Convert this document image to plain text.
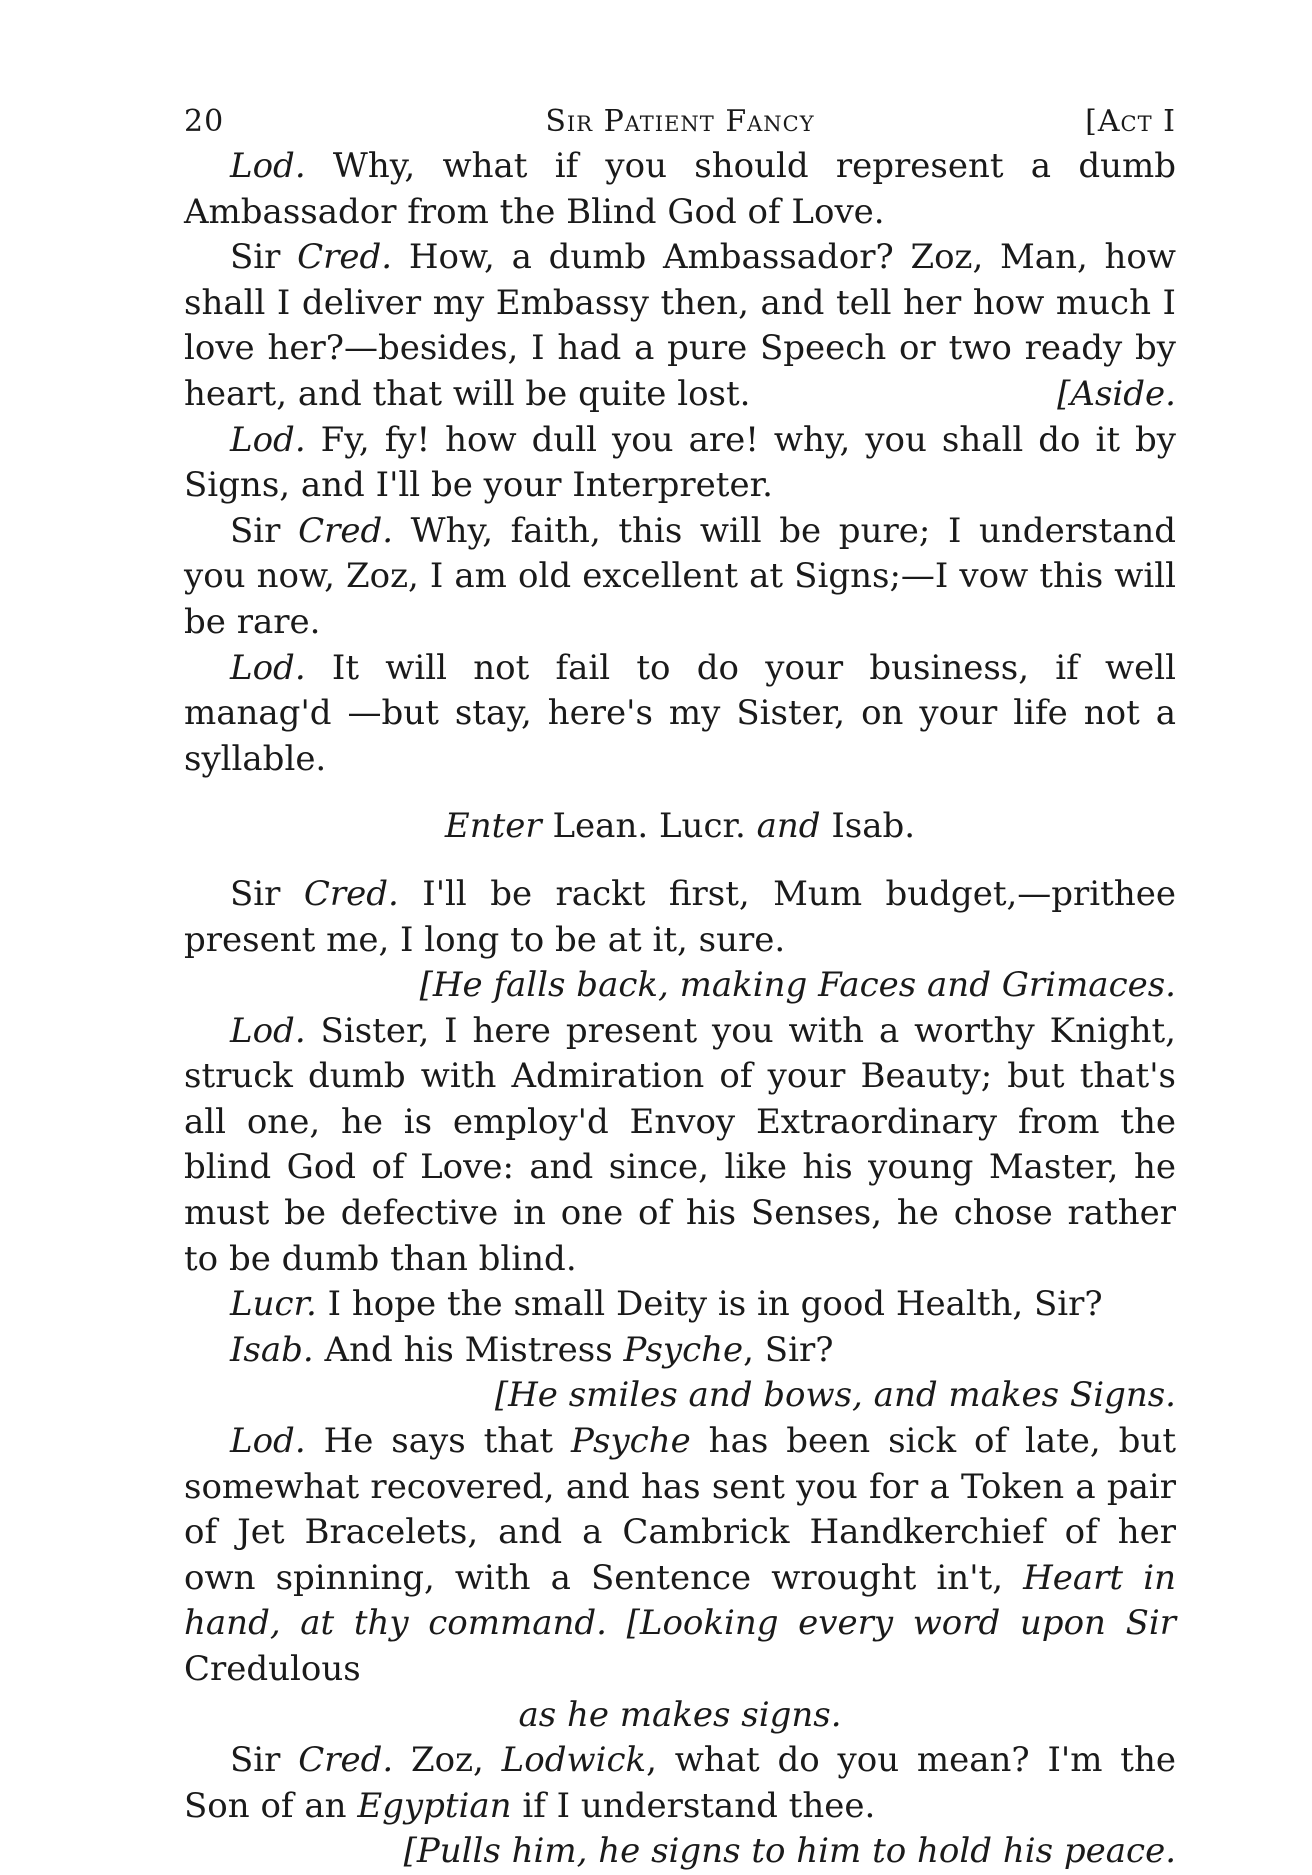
20	Sir Patient Fancy	[Act I

Lod. Why, what if you should represent a dumb Ambassador from the Blind God of Love.

Sir Cred. How, a dumb Ambassador? Zoz, Man, how shall I deliver my Embassy then, and tell her how much I love her?—besides, I had a pure Speech or two ready by heart, and that will be quite lost.	[Aside.

Lod. Fy, fy! how dull you are! why, you shall do it by Signs, and I'll be your Interpreter.

Sir Cred. Why, faith, this will be pure; I understand you now, Zoz, I am old excellent at Signs;—I vow this will be rare.

Lod. It will not fail to do your business, if well manag'd —but stay, here's my Sister, on your life not a syllable.

Enter Lean. Lucr. and Isab.

Sir Cred. I'll be rackt first, Mum budget,—prithee present me, I long to be at it, sure.

[He falls back, making Faces and Grimaces.

Lod. Sister, I here present you with a worthy Knight, struck dumb with Admiration of your Beauty; but that's all one, he is employ'd Envoy Extraordinary from the blind God of Love: and since, like his young Master, he must be defective in one of his Senses, he chose rather to be dumb than blind.

Lucr. I hope the small Deity is in good Health, Sir?

Isab. And his Mistress Psyche, Sir?

[He smiles and bows, and makes Signs.

Lod. He says that Psyche has been sick of late, but somewhat recovered, and has sent you for a Token a pair of Jet Bracelets, and a Cambrick Handkerchief of her own spinning, with a Sentence wrought in't, Heart in hand, at thy command. [Looking every word upon Sir Credulous

as he makes signs.

Sir Cred. Zoz, Lodwick, what do you mean? I'm the Son of an Egyptian if I understand thee.

[Pulls him, he signs to him to hold his peace.
